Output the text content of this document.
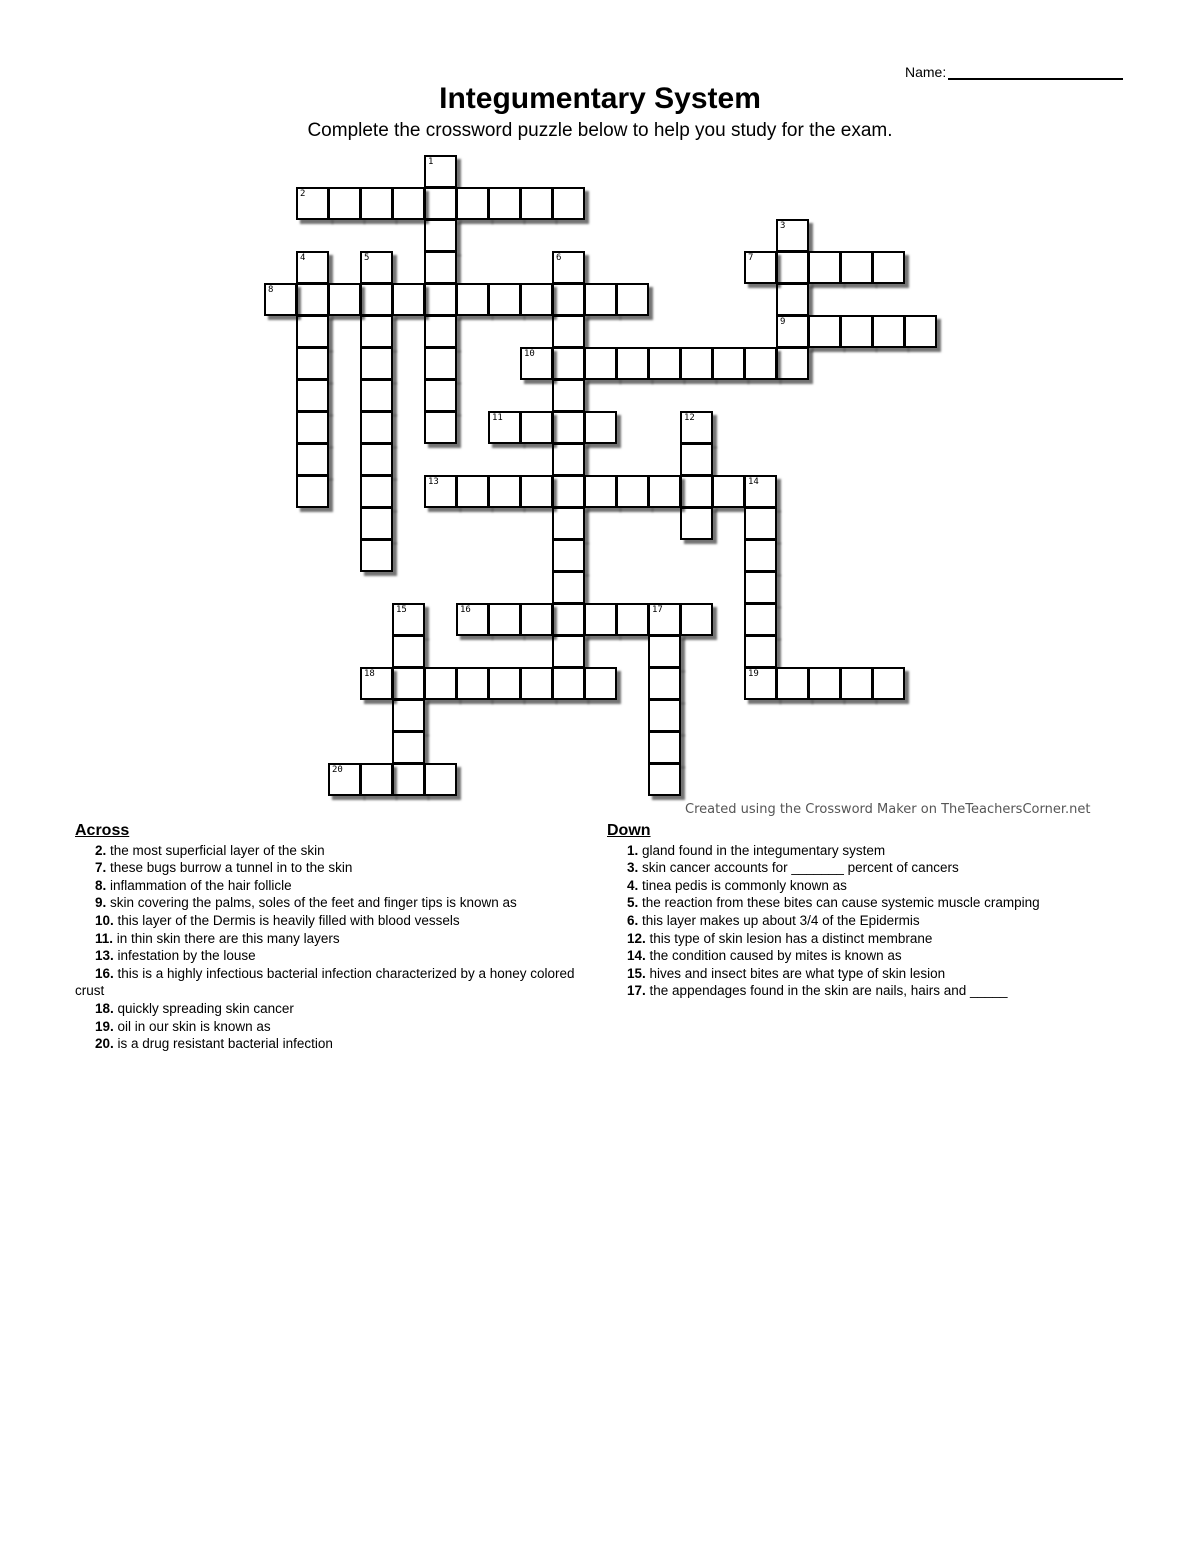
Name:
Integumentary System
Complete the crossword puzzle below to help you study for the exam.
1
2
3
9
4	5	6	7
8
10
11	12
13	14
19
15	16	17
18
20
Created using the Crossword Maker on TheTeachersCorner.net
Across
2. the most superficial layer of the skin
7. these bugs burrow a tunnel in to the skin
8. inflammation of the hair follicle
9. skin covering the palms, soles of the feet and finger tips is known as
10. this layer of the Dermis is heavily filled with blood vessels
11. in thin skin there are this many layers
13. infestation by the louse
16. this is a highly infectious bacterial infection characterized by a honey colored crust
18. quickly spreading skin cancer
19. oil in our skin is known as
20. is a drug resistant bacterial infection
Down
1. gland found in the integumentary system
3. skin cancer accounts for _______ percent of cancers
4. tinea pedis is commonly known as
5. the reaction from these bites can cause systemic muscle cramping
6. this layer makes up about 3/4 of the Epidermis
12. this type of skin lesion has a distinct membrane
14. the condition caused by mites is known as
15. hives and insect bites are what type of skin lesion
17. the appendages found in the skin are nails, hairs and _____
